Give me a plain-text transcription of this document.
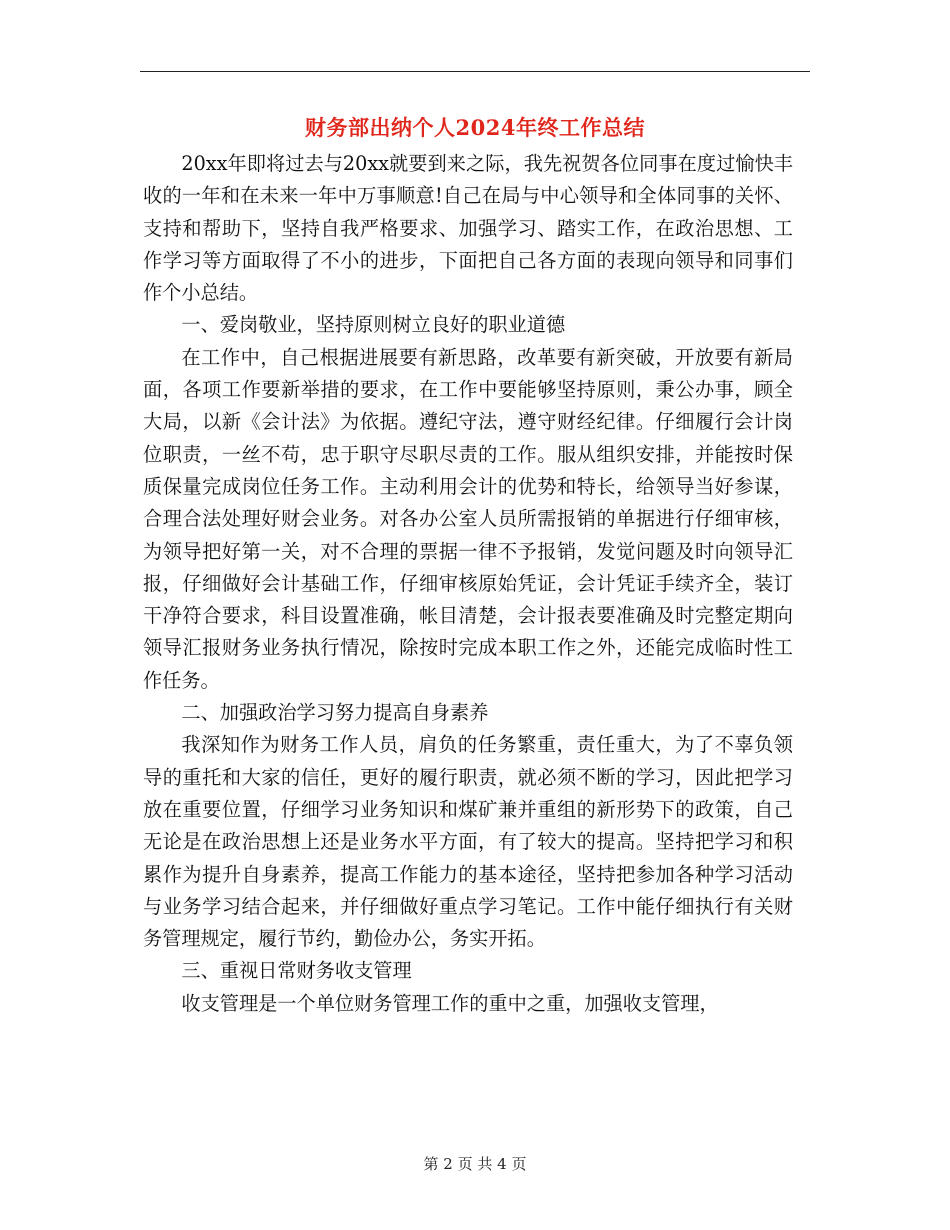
财务部出纳个人2024年终工作总结

20xx年即将过去与20xx就要到来之际，我先祝贺各位同事在度过愉快丰收的一年和在未来一年中万事顺意!自己在局与中心领导和全体同事的关怀、支持和帮助下，坚持自我严格要求、加强学习、踏实工作，在政治思想、工作学习等方面取得了不小的进步，下面把自己各方面的表现向领导和同事们作个小总结。

一、爱岗敬业，坚持原则树立良好的职业道德

在工作中，自己根据进展要有新思路，改革要有新突破，开放要有新局面，各项工作要新举措的要求，在工作中要能够坚持原则，秉公办事，顾全大局，以新《会计法》为依据。遵纪守法，遵守财经纪律。仔细履行会计岗位职责，一丝不苟，忠于职守尽职尽责的工作。服从组织安排，并能按时保质保量完成岗位任务工作。主动利用会计的优势和特长，给领导当好参谋，合理合法处理好财会业务。对各办公室人员所需报销的单据进行仔细审核，为领导把好第一关，对不合理的票据一律不予报销，发觉问题及时向领导汇报，仔细做好会计基础工作，仔细审核原始凭证，会计凭证手续齐全，装订干净符合要求，科目设置准确，帐目清楚，会计报表要准确及时完整定期向领导汇报财务业务执行情况，除按时完成本职工作之外，还能完成临时性工作任务。

二、加强政治学习努力提高自身素养

我深知作为财务工作人员，肩负的任务繁重，责任重大，为了不辜负领导的重托和大家的信任，更好的履行职责，就必须不断的学习，因此把学习放在重要位置，仔细学习业务知识和煤矿兼并重组的新形势下的政策，自己无论是在政治思想上还是业务水平方面，有了较大的提高。坚持把学习和积累作为提升自身素养，提高工作能力的基本途径，坚持把参加各种学习活动与业务学习结合起来，并仔细做好重点学习笔记。工作中能仔细执行有关财务管理规定，履行节约，勤俭办公，务实开拓。

三、重视日常财务收支管理

收支管理是一个单位财务管理工作的重中之重，加强收支管理，

第 2 页 共 4 页
